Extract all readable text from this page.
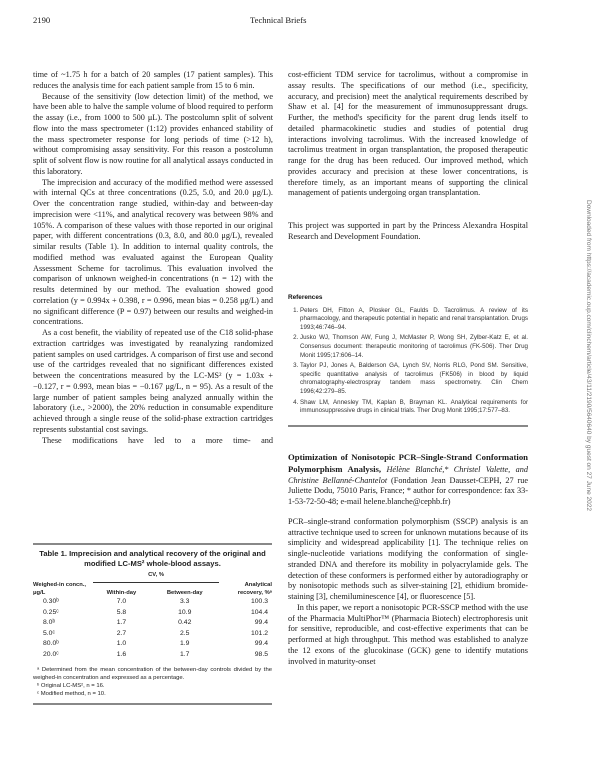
2190	Technical Briefs

time of ~1.75 h for a batch of 20 samples (17 patient samples). This reduces the analysis time for each patient sample from 15 to 6 min.

Because of the sensitivity (low detection limit) of the method, we have been able to halve the sample volume of blood required to perform the assay (i.e., from 1000 to 500 μL). The postcolumn split of solvent flow into the mass spectrometer (1:12) provides enhanced stability of the mass spectrometer response for long periods of time (>12 h), without compromising assay sensitivity. For this reason a postcolumn split of solvent flow is now routine for all analytical assays conducted in this laboratory.

The imprecision and accuracy of the modified method were assessed with internal QCs at three concentrations (0.25, 5.0, and 20.0 μg/L). Over the concentration range studied, within-day and between-day imprecision were <11%, and analytical recovery was between 98% and 105%. A comparison of these values with those reported in our original paper, with different concentrations (0.3, 8.0, and 80.0 μg/L), revealed similar results (Table 1). In addition to internal quality controls, the modified method was evaluated against the European Quality Assessment Scheme for tacrolimus. This evaluation involved the comparison of unknown weighed-in concentrations (n = 12) with the results determined by our method. The evaluation showed good correlation (y = 0.994x + 0.398, r = 0.996, mean bias = 0.258 μg/L) and no significant difference (P = 0.97) between our results and weighed-in concentrations.

As a cost benefit, the viability of repeated use of the C18 solid-phase extraction cartridges was investigated by reanalyzing randomized patient samples on used cartridges. A comparison of first use and second use of the cartridges revealed that no significant differences existed between the concentrations measured by the LC-MS² (y = 1.03x + −0.127, r = 0.993, mean bias = −0.167 μg/L, n = 95). As a result of the large number of patient samples being analyzed annually within the laboratory (i.e., >2000), the 20% reduction in consumable expenditure achieved through a single reuse of the solid-phase extraction cartridges represents substantial cost savings.

These modifications have led to a more time- and

Table 1. Imprecision and analytical recovery of the original and modified LC-MS² whole-blood assays.
	CV, %		
Weighed-in concn., μg/L	Within-day	Between-day	Analytical recovery, %ᵃ
0.30ᵇ	7.0	3.3	100.3
0.25ᶜ	5.8	10.9	104.4
8.0ᵇ	1.7	0.42	99.4
5.0ᶜ	2.7	2.5	101.2
80.0ᵇ	1.0	1.9	99.4
20.0ᶜ	1.6	1.7	98.5
ᵃ Determined from the mean concentration of the between-day controls divided by the weighed-in concentration and expressed as a percentage.
ᵇ Original LC-MS², n = 16.
ᶜ Modified method, n = 10.

cost-efficient TDM service for tacrolimus, without a compromise in assay results. The specifications of our method (i.e., specificity, accuracy, and precision) meet the analytical requirements described by Shaw et al. [4] for the measurement of immunosuppressant drugs. Further, the method's specificity for the parent drug lends itself to detailed pharmacokinetic studies and studies of potential drug interactions involving tacrolimus. With the increased knowledge of tacrolimus treatment in organ transplantation, the proposed therapeutic range for the drug has been reduced. Our improved method, which provides accuracy and precision at these lower concentrations, is therefore timely, as an important means of supporting the clinical management of patients undergoing organ transplantation.

This project was supported in part by the Princess Alexandra Hospital Research and Development Foundation.

References
1. Peters DH, Fitton A, Plosker GL, Faulds D. Tacrolimus. A review of its pharmacology, and therapeutic potential in hepatic and renal transplantation. Drugs 1993;46:746–94.
2. Jusko WJ, Thomson AW, Fung J, McMaster P, Wong SH, Zylber-Katz E, et al. Consensus document: therapeutic monitoring of tacrolimus (FK-506). Ther Drug Monit 1995;17:606–14.
3. Taylor PJ, Jones A, Balderson GA, Lynch SV, Norris RLG, Pond SM. Sensitive, specific quantitative analysis of tacrolimus (FK506) in blood by liquid chromatography-electrospray tandem mass spectrometry. Clin Chem 1996;42:279–85.
4. Shaw LM, Annesley TM, Kaplan B, Brayman KL. Analytical requirements for immunosuppressive drugs in clinical trials. Ther Drug Monit 1995;17:577–83.

Optimization of Nonisotopic PCR–Single-Strand Conformation Polymorphism Analysis, Hélène Blanché,* Christel Valette, and Christine Bellanné-Chantelot (Fondation Jean Dausset-CEPH, 27 rue Juliette Dodu, 75010 Paris, France; * author for correspondence: fax 33-1-53-72-50-48; e-mail helene.blanche@cephb.fr)

PCR–single-strand conformation polymorphism (SSCP) analysis is an attractive technique used to screen for unknown mutations because of its simplicity and widespread applicability [1]. The technique relies on single-nucleotide variations modifying the conformation of single-stranded DNA and therefore its mobility in polyacrylamide gels. The detection of these conformers is performed either by autoradiography or by nonisotopic methods such as silver-staining [2], ethidium bromide-staining [3], chemiluminescence [4], or fluorescence [5].

In this paper, we report a nonisotopic PCR-SSCP method with the use of the Pharmacia MultiPhor™ (Pharmacia Biotech) electrophoresis unit for sensitive, reproducible, and cost-effective experiments that can be performed at high throughput. This method was established to analyze the 12 exons of the glucokinase (GCK) gene to identify mutations involved in maturity-onset

Downloaded from https://academic.oup.com/clinchem/article/43/11/2190/5640640 by guest on 27 June 2022
